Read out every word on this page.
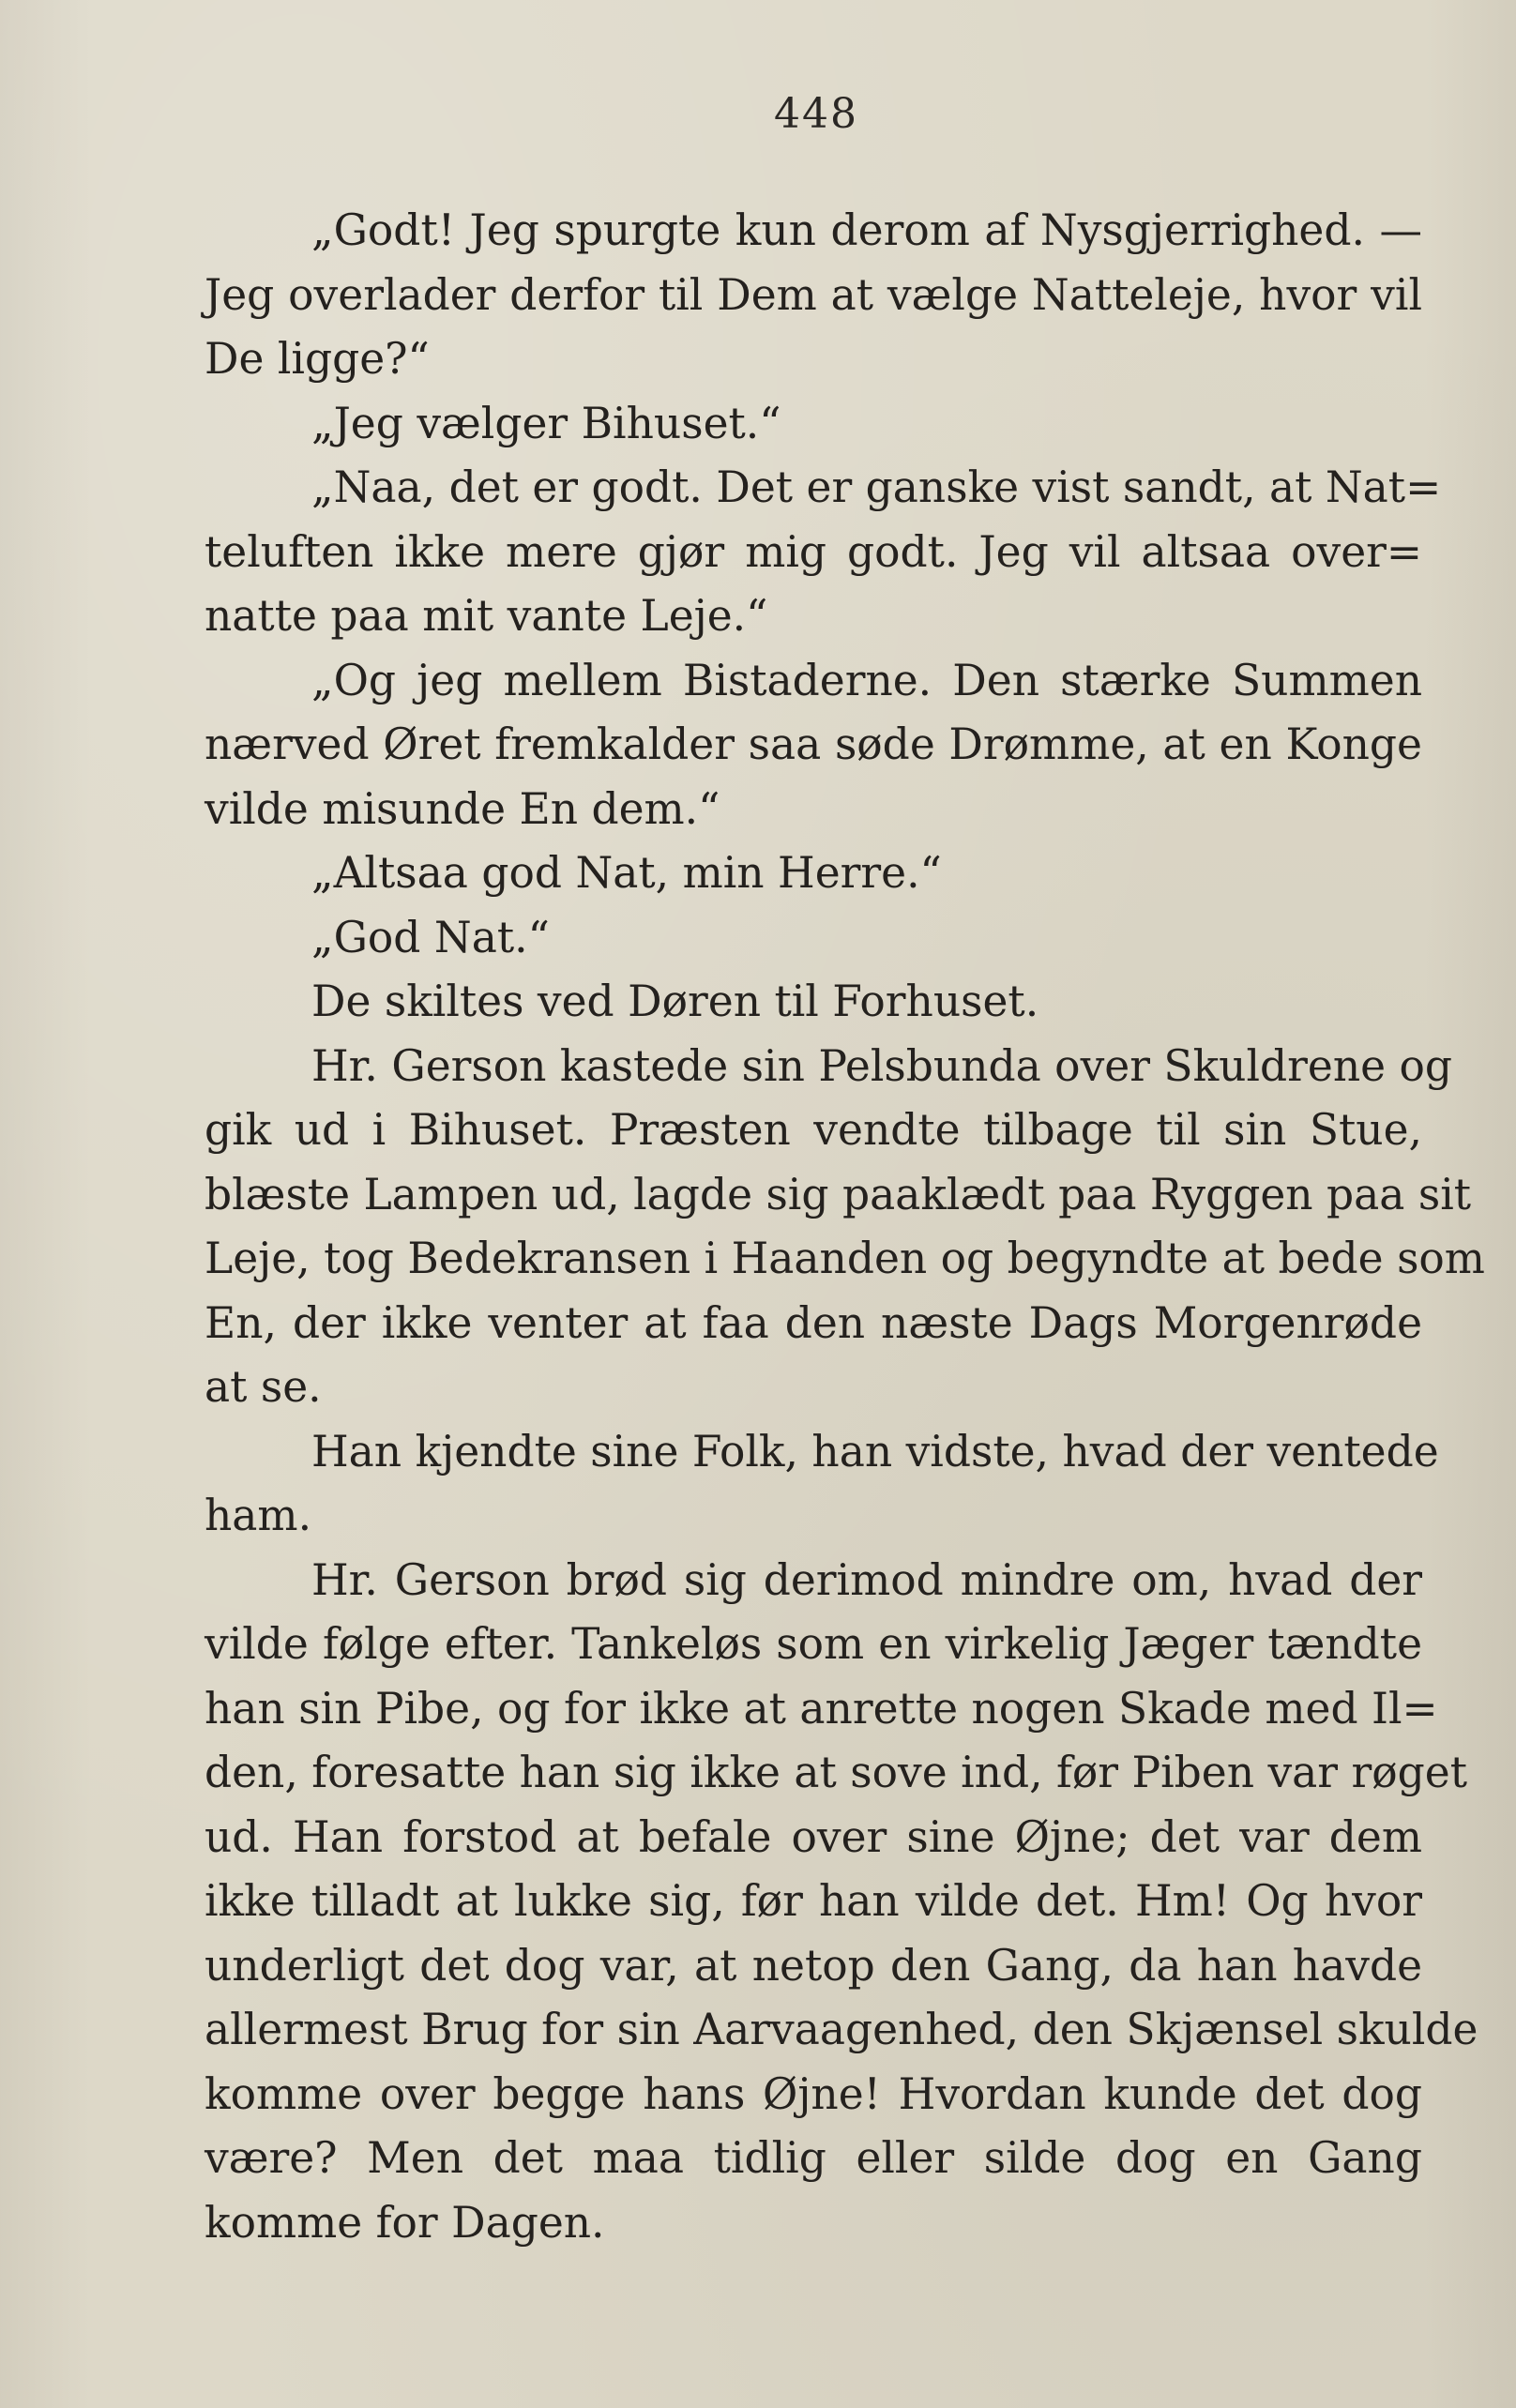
448
„Godt! Jeg spurgte kun derom af Nysgjerrighed. —
Jeg overlader derfor til Dem at vælge Natteleje, hvor vil
De ligge?“
„Jeg vælger Bihuset.“
„Naa, det er godt. Det er ganske vist sandt, at Nat=
teluften ikke mere gjør mig godt. Jeg vil altsaa over=
natte paa mit vante Leje.“
„Og jeg mellem Bistaderne. Den stærke Summen
nærved Øret fremkalder saa søde Drømme, at en Konge
vilde misunde En dem.“
„Altsaa god Nat, min Herre.“
„God Nat.“
De skiltes ved Døren til Forhuset.
Hr. Gerson kastede sin Pelsbunda over Skuldrene og
gik ud i Bihuset. Præsten vendte tilbage til sin Stue,
blæste Lampen ud, lagde sig paaklædt paa Ryggen paa sit
Leje, tog Bedekransen i Haanden og begyndte at bede som
En, der ikke venter at faa den næste Dags Morgenrøde
at se.
Han kjendte sine Folk, han vidste, hvad der ventede
ham.
Hr. Gerson brød sig derimod mindre om, hvad der
vilde følge efter. Tankeløs som en virkelig Jæger tændte
han sin Pibe, og for ikke at anrette nogen Skade med Il=
den, foresatte han sig ikke at sove ind, før Piben var røget
ud. Han forstod at befale over sine Øjne; det var dem
ikke tilladt at lukke sig, før han vilde det. Hm! Og hvor
underligt det dog var, at netop den Gang, da han havde
allermest Brug for sin Aarvaagenhed, den Skjænsel skulde
komme over begge hans Øjne! Hvordan kunde det dog
være? Men det maa tidlig eller silde dog en Gang
komme for Dagen.
